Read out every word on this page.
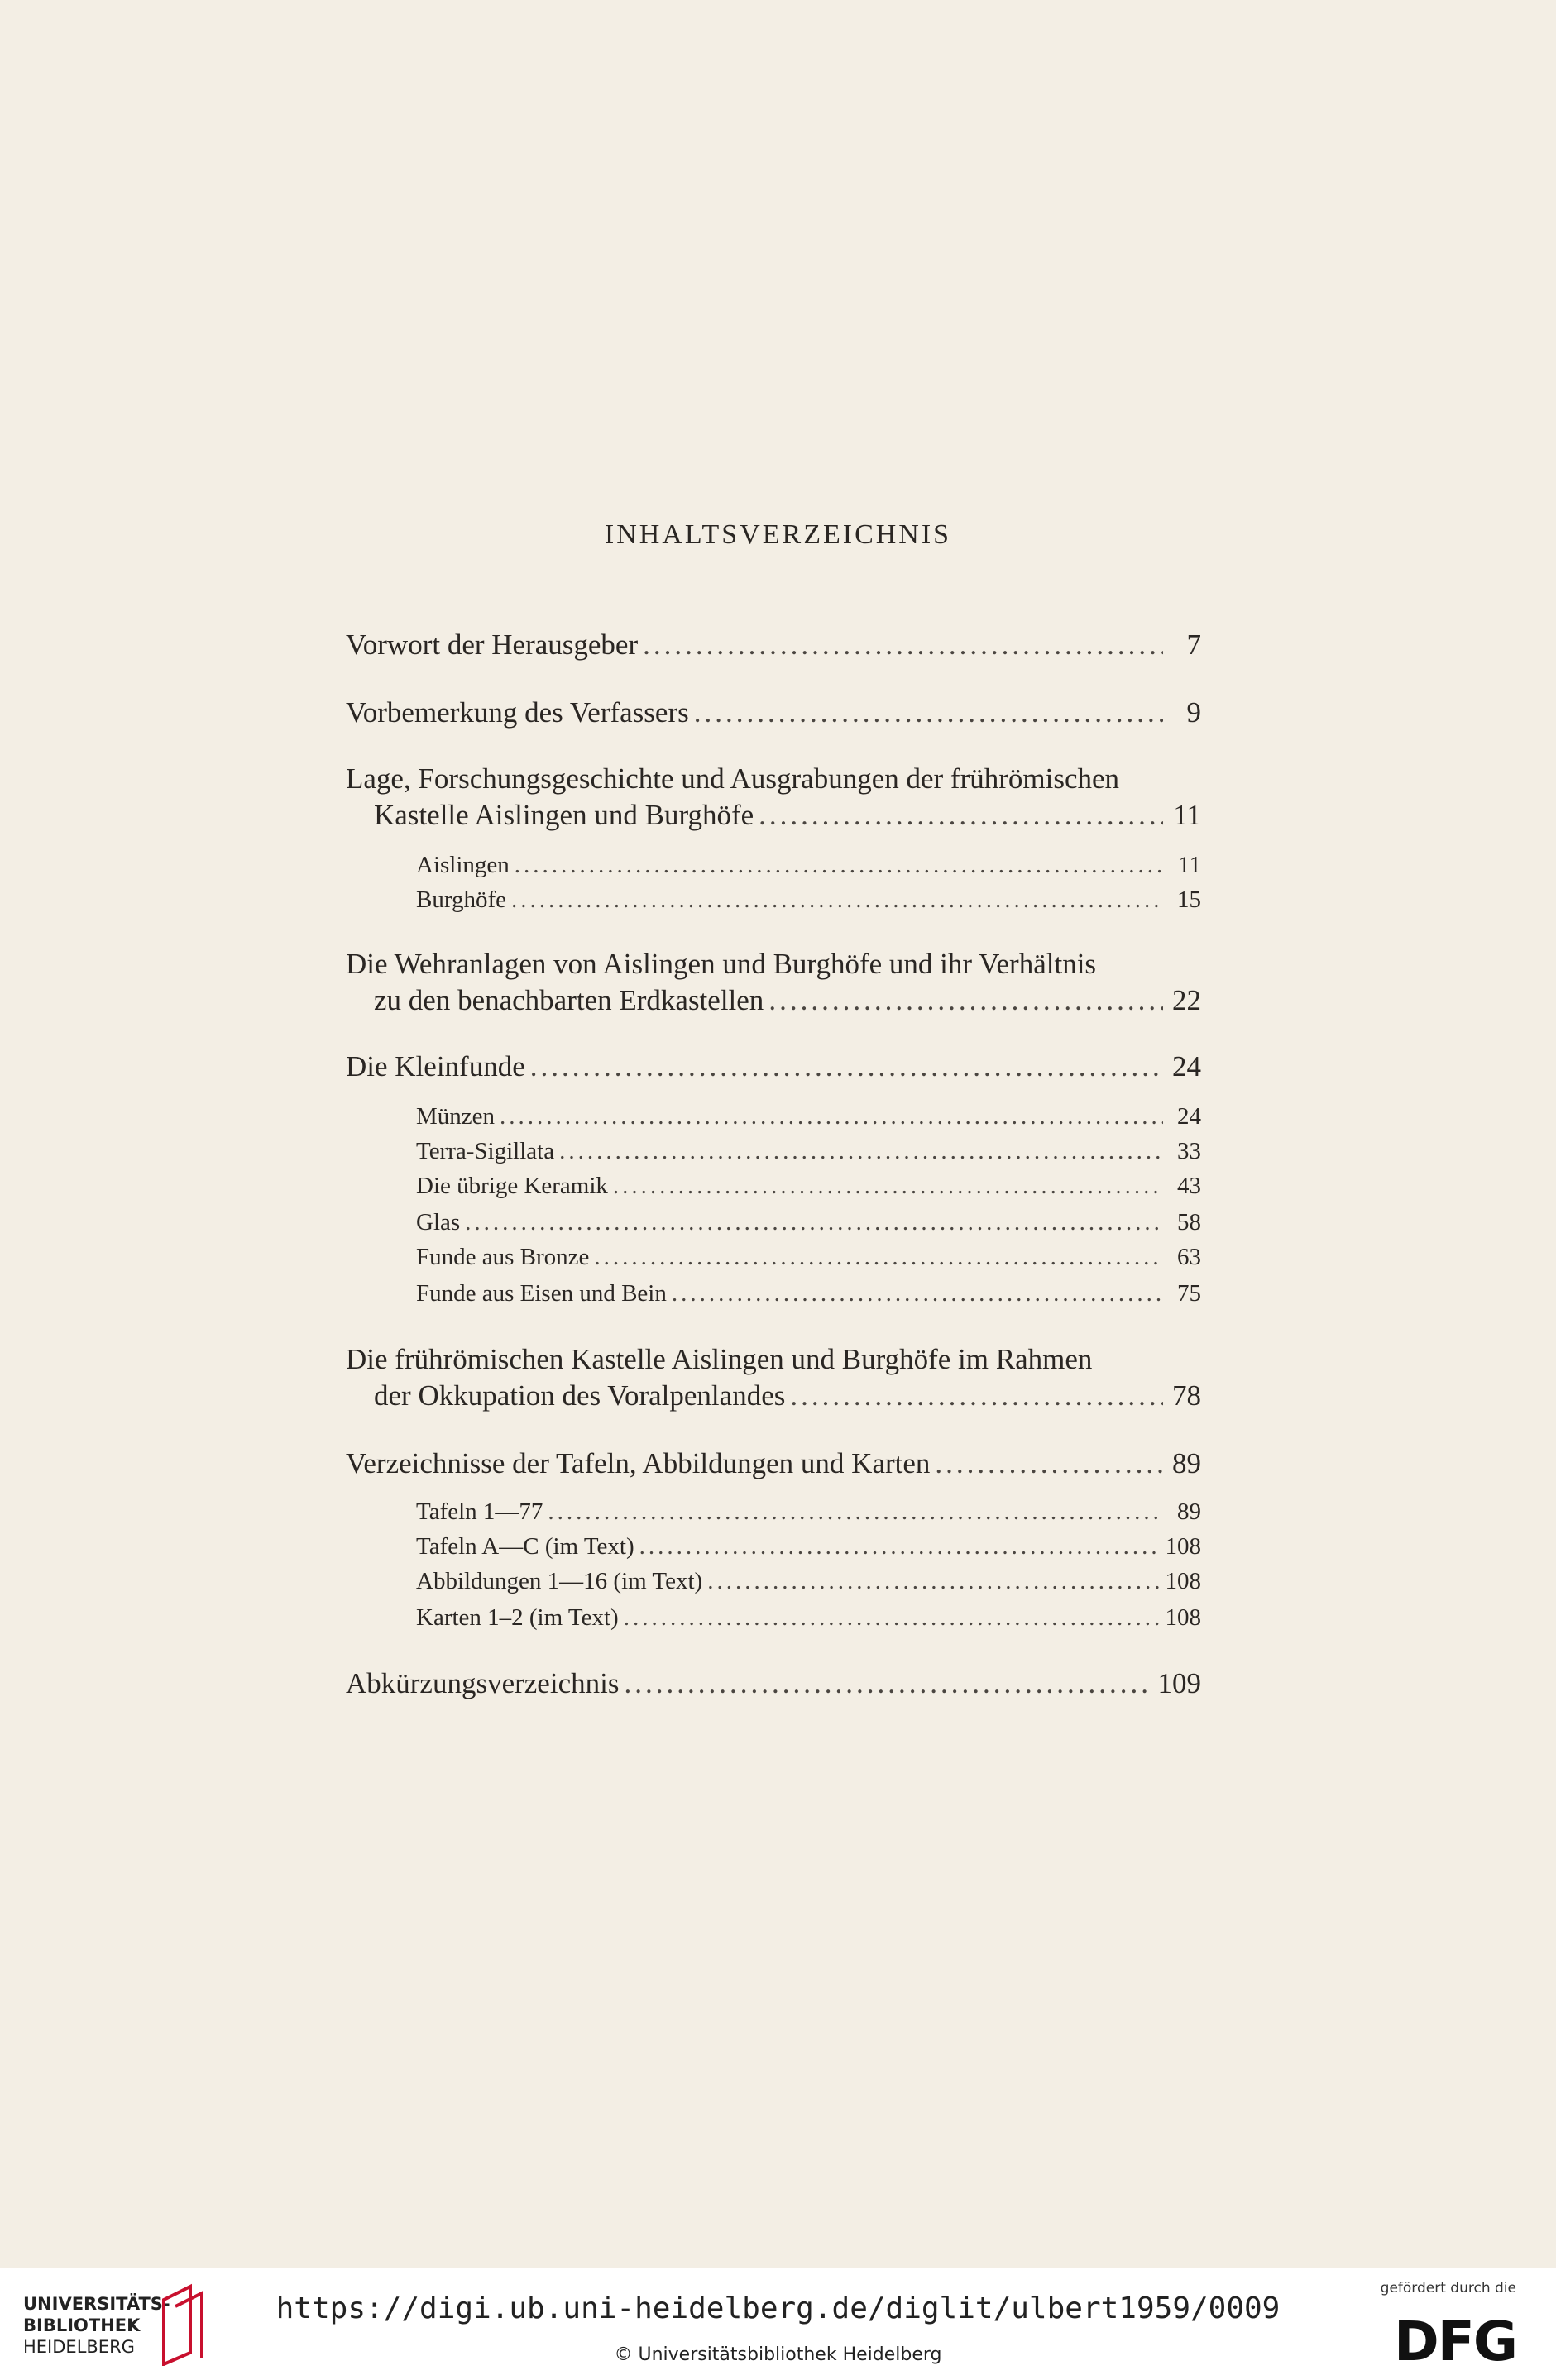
INHALTSVERZEICHNIS
Vorwort der Herausgeber .....	7
Vorbemerkung des Verfassers .....	9
Lage, Forschungsgeschichte und Ausgrabungen der frührömischen
Kastelle Aislingen und Burghöfe .....	11
Aislingen .....	11
Burghöfe .....	15
Die Wehranlagen von Aislingen und Burghöfe und ihr Verhältnis
zu den benachbarten Erdkastellen .....	22
Die Kleinfunde .....	24
Münzen .....	24
Terra-Sigillata .....	33
Die übrige Keramik .....	43
Glas .....	58
Funde aus Bronze .....	63
Funde aus Eisen und Bein .....	75
Die frührömischen Kastelle Aislingen und Burghöfe im Rahmen
der Okkupation des Voralpenlandes .....	78
Verzeichnisse der Tafeln, Abbildungen und Karten .....	89
Tafeln 1—77 .....	89
Tafeln A—C (im Text) .....	108
Abbildungen 1—16 (im Text) .....	108
Karten 1–2 (im Text) .....	108
Abkürzungsverzeichnis .....	109
UNIVERSITÄTS-
BIBLIOTHEK
HEIDELBERG
https://digi.ub.uni-heidelberg.de/diglit/ulbert1959/0009
© Universitätsbibliothek Heidelberg
gefördert durch die
DFG
